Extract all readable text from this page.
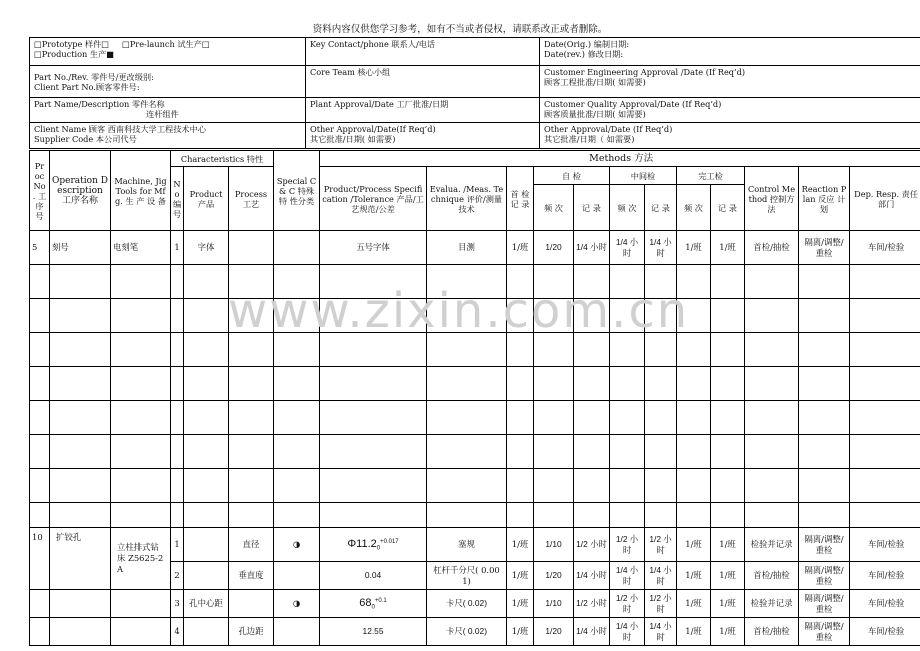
资料内容仅供您学习参考，如有不当或者侵权，请联系改正或者删除。
□Prototype 样件□ □Pre-launch 试生产□
□Production 生产■	Key Contact/phone 联系人/电话	Date(Orig.) 编制日期:
Date(rev.) 修改日期:
Part No./Rev. 零件号/更改级别:
Client Part No.顾客零件号:	Core Team 核心小组	Customer Engineering Approval /Date (If Req’d)
顾客工程批准/日期( 如需要)
Part Name/Description 零件名称
连杆组件	Plant Approval/Date 工厂批准/日期	Customer Quality Approval/Date (If Req’d)
顾客质量批准/日期( 如需要)
Client Name 顾客 西南科技大学工程技术中心
Supplier Code 本公司代号	Other Approval/Date(If Req’d)
其它批准/日期( 如需要)	Other Approval/Date (If Req’d)
其它批准/日期（ 如需要)
Pr oc No . 工 序 号	Operation Description 工序名称	Machine, Jig Tools for Mfg. 生 产 设 备	Characteristics 特性			Special C & C 特殊特 性分类	Methods 方法											
			N o 编 号	Product 产品	Process 工艺		Product/Process Specification /Tolerance 产品/工艺规范/公差	Evalua. /Meas. Technique 评价/测量技术	首 检 记 录	自 检		中间检		完工检		Control Method 控制方法	Reaction Plan 反应 计划	Dep. Resp. 责任 部门
										频 次	记 录	频 次	记 录	频 次	记 录			
5	刻号	电刻笔	1	字体			五号字体	目测	1/班	1/20	1/4 小时	1/4 小时	1/4 小时	1/班	1/班	首检/抽检	隔离/调整/重检	车间/检验

10	扩铰孔	立柱排式钻 床 Z5625-2A	1		直径	◑	$\Phi 11.2_0^{+0.017}$	塞规	1/班	1/10	1/2 小时	1/2 小时	1/2 小时	1/班	1/班	检验并记录	隔离/调整/重检	车间/检验
			2		垂直度		0.04	杠杆千分尺( 0.001)	1/班	1/20	1/4 小时	1/4 小时	1/4 小时	1/班	1/班	首检/抽检	隔离/调整/重检	车间/检验
			3	孔中心距		◑	$68_0^{+0.1}$	卡尺( 0.02)	1/班	1/10	1/2 小时	1/2 小时	1/2 小时	1/班	1/班	检验并记录	隔离/调整/重检	车间/检验
			4		孔边距		12.55	卡尺( 0.02)	1/班	1/20	1/4 小时	1/4 小时	1/4 小时	1/班	1/班	首检/抽检	隔离/调整/重检	车间/检验
www.zixin.com.cn
